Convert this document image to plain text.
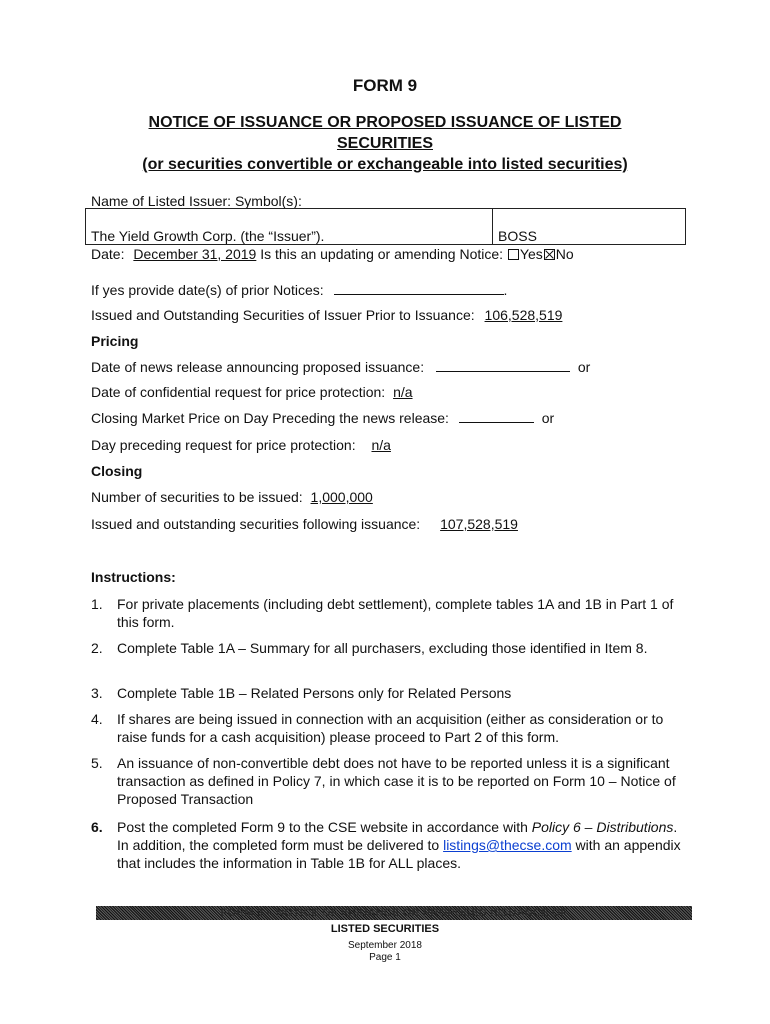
FORM 9
NOTICE OF ISSUANCE OR PROPOSED ISSUANCE OF LISTED
SECURITIES
(or securities convertible or exchangeable into listed securities)
Name of Listed Issuer: Symbol(s):
The Yield Growth Corp. (the “Issuer”).	BOSS
Date: December 31, 2019 Is this an updating or amending Notice: Yes No
If yes provide date(s) of prior Notices:	.
Issued and Outstanding Securities of Issuer Prior to Issuance: 106,528,519
Pricing
Date of news release announcing proposed issuance:	or
Date of confidential request for price protection: n/a
Closing Market Price on Day Preceding the news release:	or
Day preceding request for price protection: n/a
Closing
Number of securities to be issued: 1,000,000
Issued and outstanding securities following issuance: 107,528,519
Instructions:
1. For private placements (including debt settlement), complete tables 1A and 1B in Part 1 of this form.
2. Complete Table 1A – Summary for all purchasers, excluding those identified in Item 8.
3. Complete Table 1B – Related Persons only for Related Persons
4. If shares are being issued in connection with an acquisition (either as consideration or to raise funds for a cash acquisition) please proceed to Part 2 of this form.
5. An issuance of non-convertible debt does not have to be reported unless it is a significant transaction as defined in Policy 7, in which case it is to be reported on Form 10 – Notice of Proposed Transaction
6. Post the completed Form 9 to the CSE website in accordance with Policy 6 – Distributions. In addition, the completed form must be delivered to listings@thecse.com with an appendix that includes the information in Table 1B for ALL places.
FORM 9 – NOTICE OF ISSUANCE OR PROPOSED ISSUANCE OF
LISTED SECURITIES
September 2018
Page 1
